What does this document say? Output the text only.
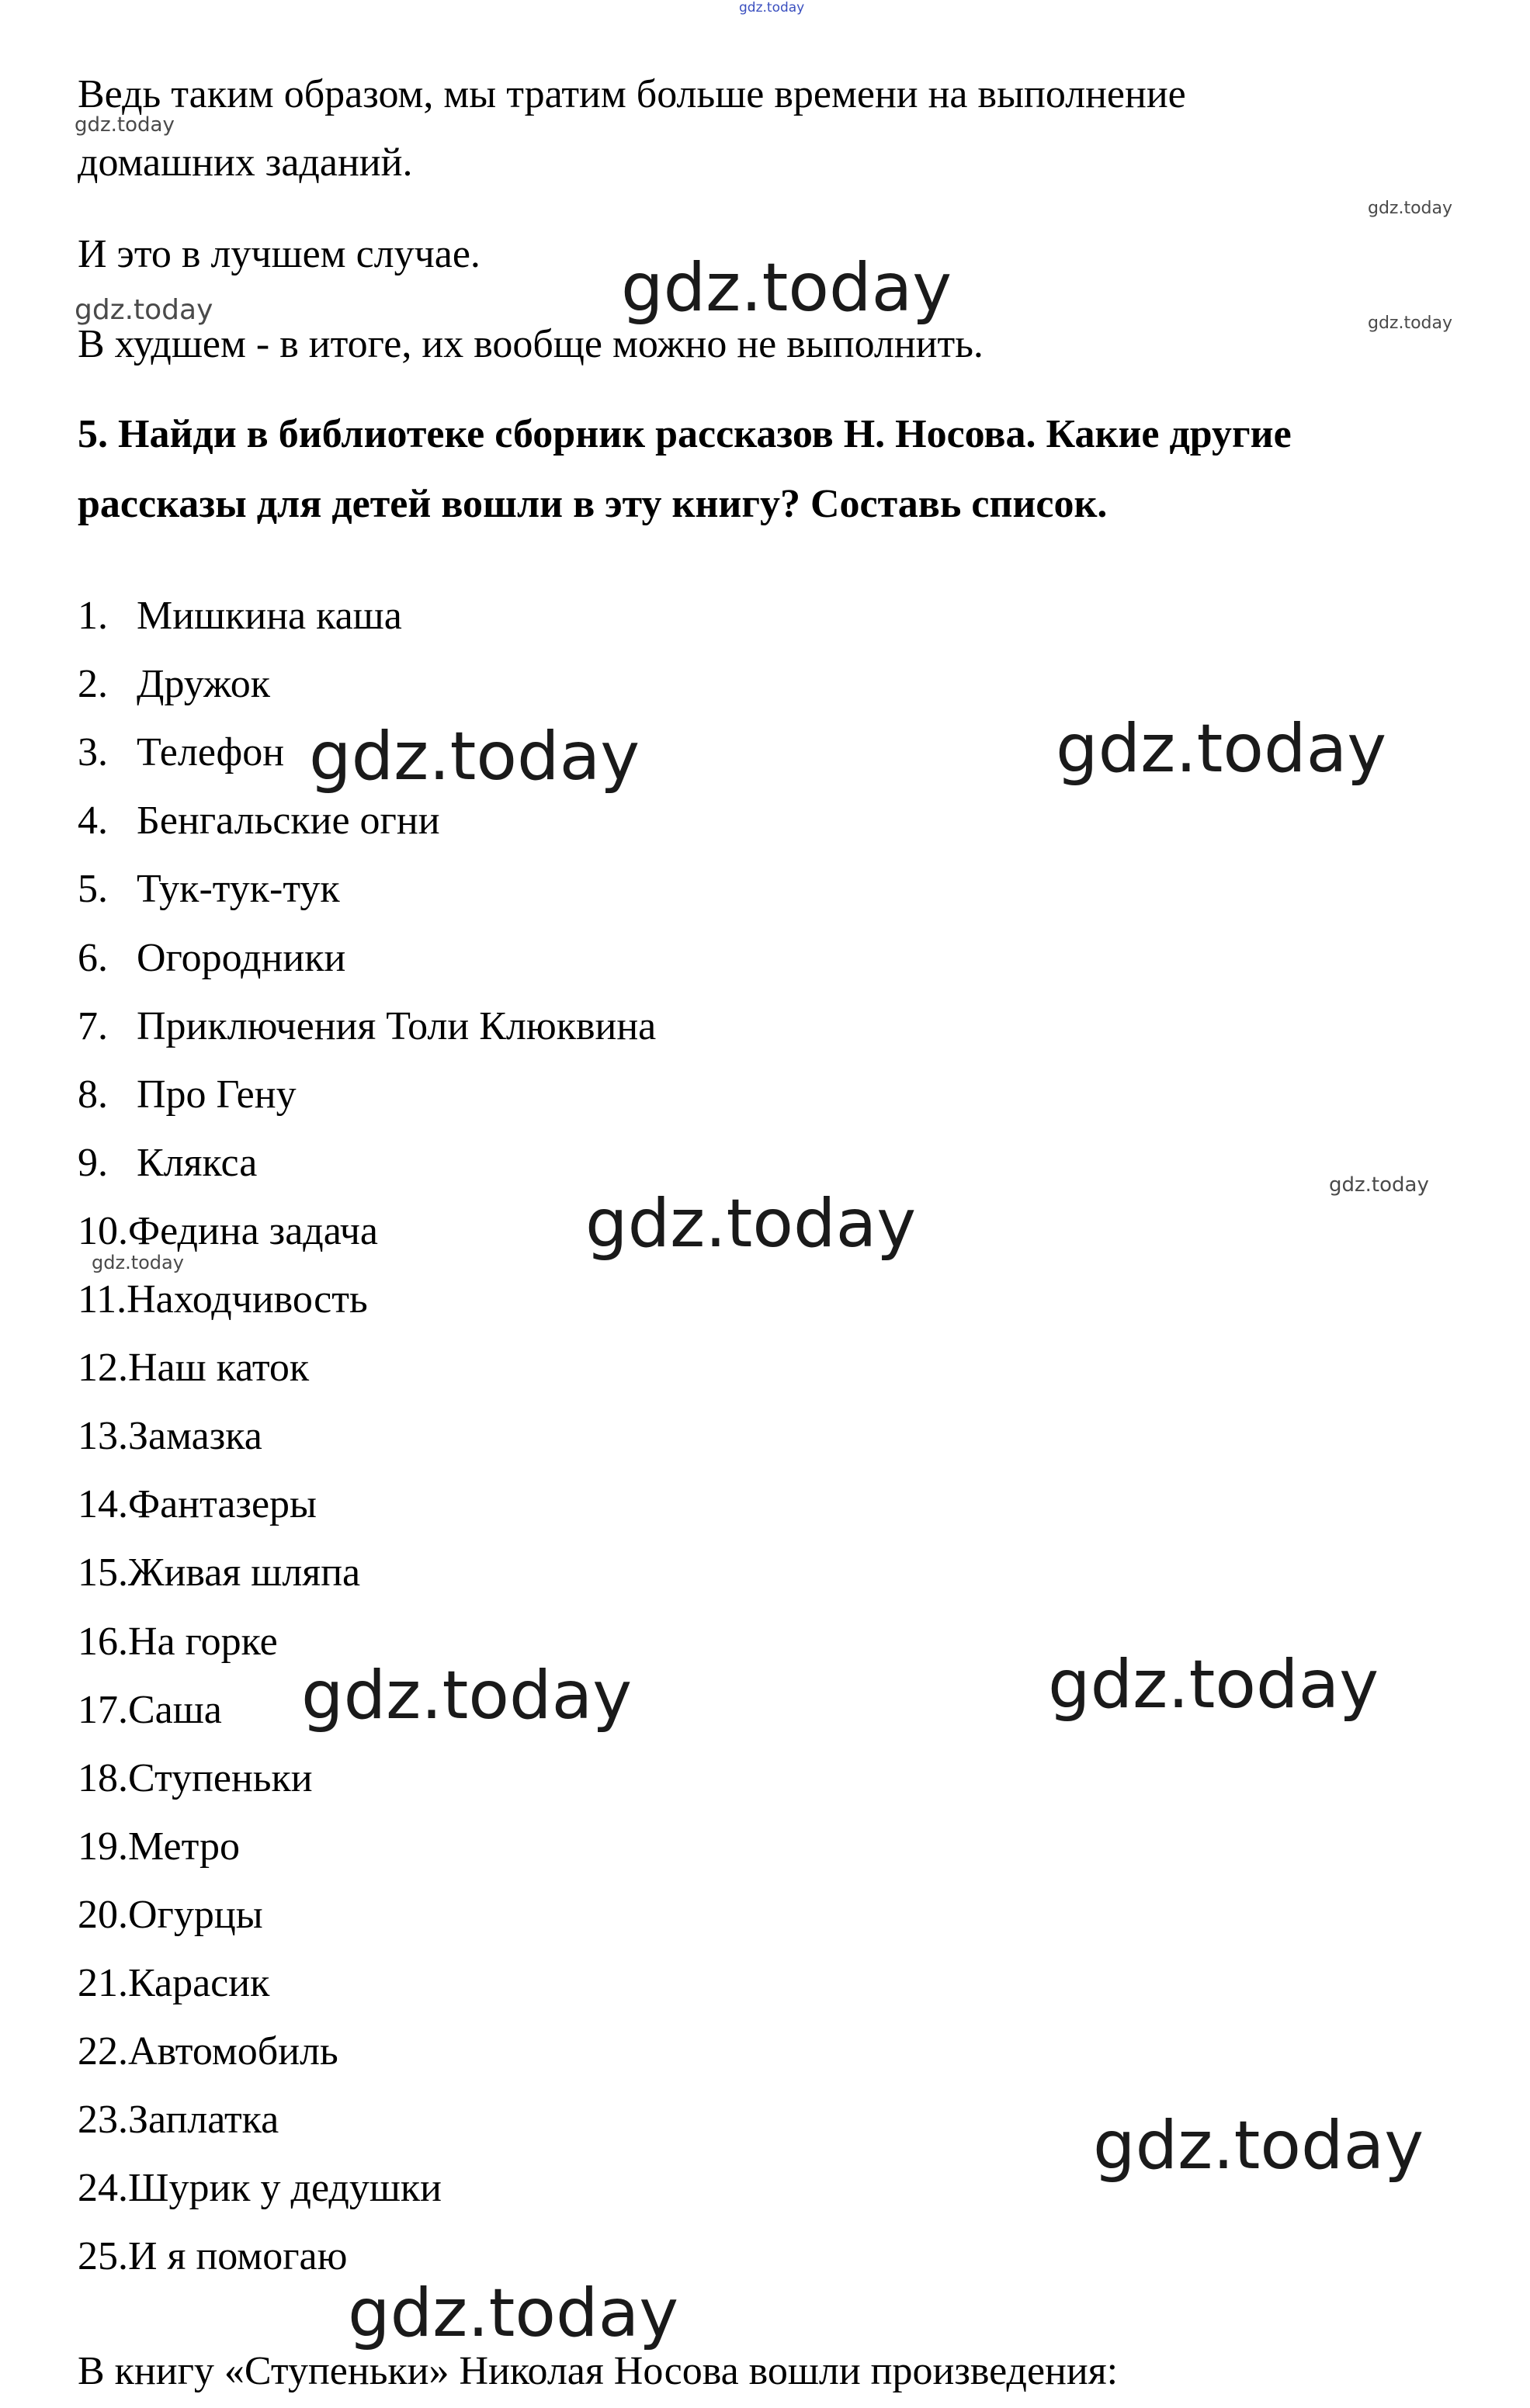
gdz.today
Ведь таким образом, мы тратим больше времени на выполнение
gdz.today
домашних заданий.
gdz.today
И это в лучшем случае. gdz.today
gdz.today	gdz.today
В худшем - в итоге, их вообще можно не выполнить.
5. Найди в библиотеке сборник рассказов Н. Носова. Какие другие
рассказы для детей вошли в эту книгу? Составь список.
1. Мишкина каша
2. Дружок
3. Телефон
4. Бенгальские огни
5. Тук-тук-тук
6. Огородники
7. Приключения Толи Клюквина
8. Про Гену
9. Клякса
10.Федина задача
11.Находчивость
12.Наш каток
13.Замазка
14.Фантазеры
15.Живая шляпа
16.На горке
17.Саша
18.Ступеньки
19.Метро
20.Огурцы
21.Карасик
22.Автомобиль
23.Заплатка
24.Шурик у дедушки
25.И я помогаю
gdz.today	gdz.today
gdz.today
gdz.today
gdz.today
gdz.today	gdz.today
gdz.today
gdz.today
В книгу «Ступеньки» Николая Носова вошли произведения:
